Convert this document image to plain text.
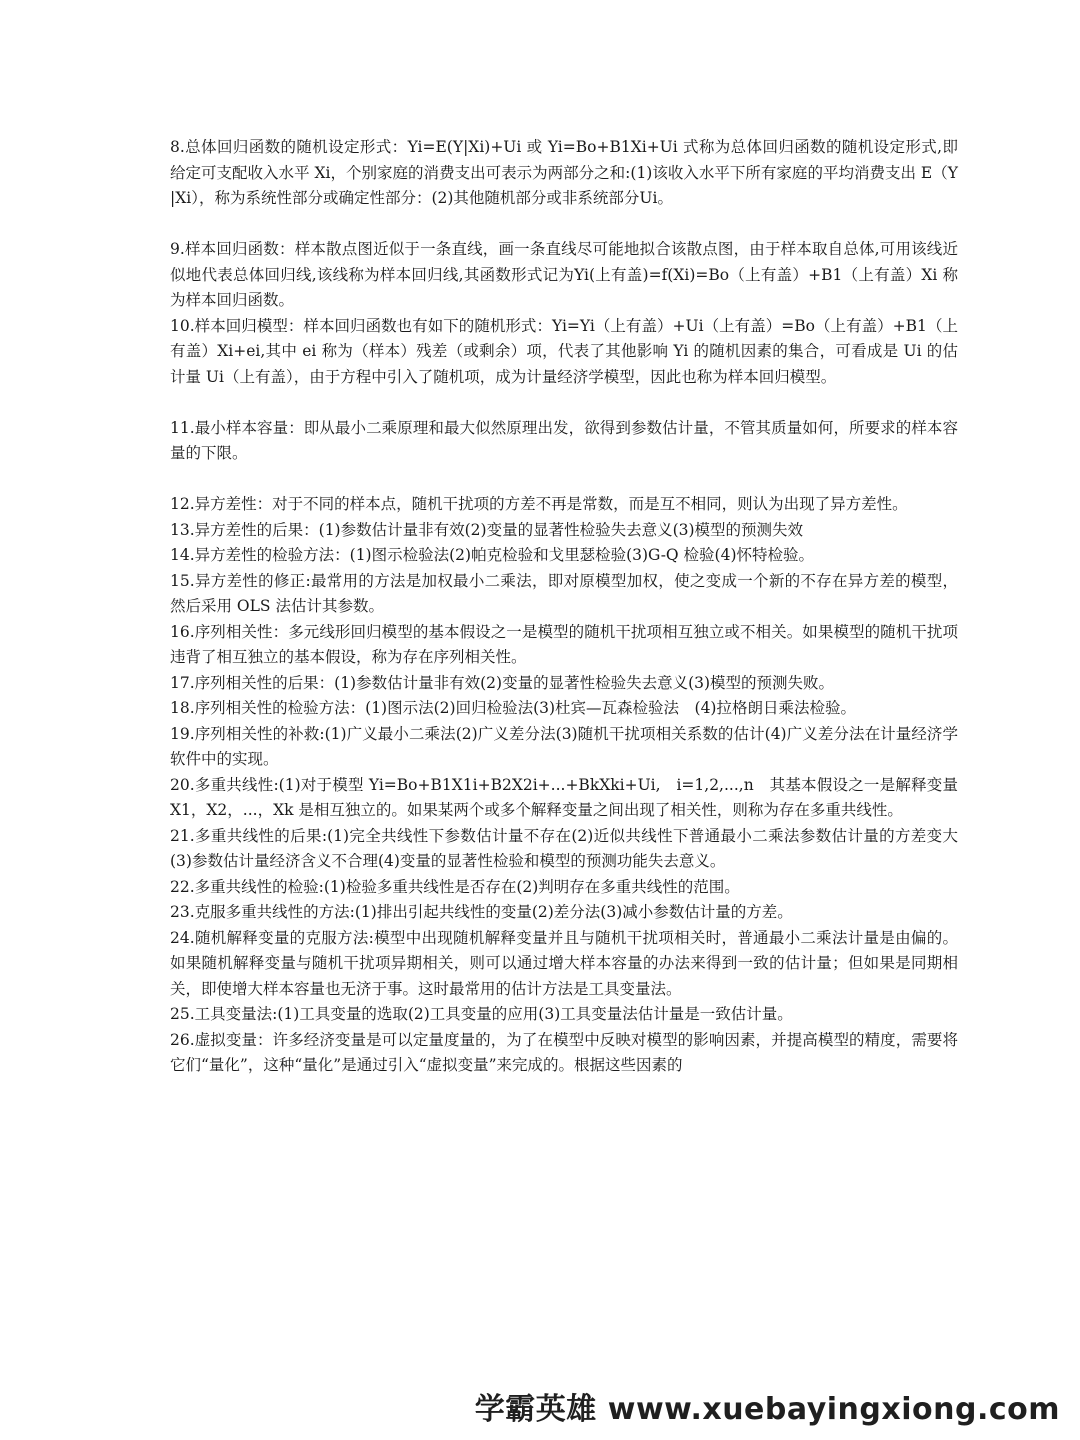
8.总体回归函数的随机设定形式：Yi=E(Y|Xi)+Ui 或 Yi=Bo+B1Xi+Ui 式称为总体回归函数的随机设定形式,即给定可支配收入水平 Xi，个别家庭的消费支出可表示为两部分之和:(1)该收入水平下所有家庭的平均消费支出 E（Y|Xi），称为系统性部分或确定性部分：(2)其他随机部分或非系统部分Ui。

9.样本回归函数：样本散点图近似于一条直线，画一条直线尽可能地拟合该散点图，由于样本取自总体,可用该线近似地代表总体回归线,该线称为样本回归线,其函数形式记为Yi(上有盖)=f(Xi)=Bo（上有盖）+B1（上有盖）Xi 称为样本回归函数。

10.样本回归模型：样本回归函数也有如下的随机形式：Yi=Yi（上有盖）+Ui（上有盖）=Bo（上有盖）+B1（上有盖）Xi+ei,其中 ei 称为（样本）残差（或剩余）项，代表了其他影响 Yi 的随机因素的集合，可看成是 Ui 的估计量 Ui（上有盖），由于方程中引入了随机项，成为计量经济学模型，因此也称为样本回归模型。

11.最小样本容量：即从最小二乘原理和最大似然原理出发，欲得到参数估计量，不管其质量如何，所要求的样本容量的下限。

12.异方差性：对于不同的样本点，随机干扰项的方差不再是常数，而是互不相同，则认为出现了异方差性。

13.异方差性的后果：(1)参数估计量非有效(2)变量的显著性检验失去意义(3)模型的预测失效

14.异方差性的检验方法：(1)图示检验法(2)帕克检验和戈里瑟检验(3)G-Q 检验(4)怀特检验。

15.异方差性的修正:最常用的方法是加权最小二乘法，即对原模型加权，使之变成一个新的不存在异方差的模型，然后采用 OLS 法估计其参数。

16.序列相关性：多元线形回归模型的基本假设之一是模型的随机干扰项相互独立或不相关。如果模型的随机干扰项违背了相互独立的基本假设，称为存在序列相关性。

17.序列相关性的后果：(1)参数估计量非有效(2)变量的显著性检验失去意义(3)模型的预测失败。

18.序列相关性的检验方法：(1)图示法(2)回归检验法(3)杜宾—瓦森检验法　(4)拉格朗日乘法检验。

19.序列相关性的补救:(1)广义最小二乘法(2)广义差分法(3)随机干扰项相关系数的估计(4)广义差分法在计量经济学软件中的实现。

20.多重共线性:(1)对于模型 Yi=Bo+B1X1i+B2X2i+...+BkXki+Ui,　i=1,2,...,n　其基本假设之一是解释变量 X1，X2，...，Xk 是相互独立的。如果某两个或多个解释变量之间出现了相关性，则称为存在多重共线性。

21.多重共线性的后果:(1)完全共线性下参数估计量不存在(2)近似共线性下普通最小二乘法参数估计量的方差变大(3)参数估计量经济含义不合理(4)变量的显著性检验和模型的预测功能失去意义。

22.多重共线性的检验:(1)检验多重共线性是否存在(2)判明存在多重共线性的范围。

23.克服多重共线性的方法:(1)排出引起共线性的变量(2)差分法(3)减小参数估计量的方差。

24.随机解释变量的克服方法:模型中出现随机解释变量并且与随机干扰项相关时，普通最小二乘法计量是由偏的。如果随机解释变量与随机干扰项异期相关，则可以通过增大样本容量的办法来得到一致的估计量；但如果是同期相关，即使增大样本容量也无济于事。这时最常用的估计方法是工具变量法。

25.工具变量法:(1)工具变量的选取(2)工具变量的应用(3)工具变量法估计量是一致估计量。

26.虚拟变量：许多经济变量是可以定量度量的，为了在模型中反映对模型的影响因素，并提高模型的精度，需要将它们“量化”，这种“量化”是通过引入“虚拟变量”来完成的。根据这些因素的

学霸英雄 www.xuebayingxiong.com
